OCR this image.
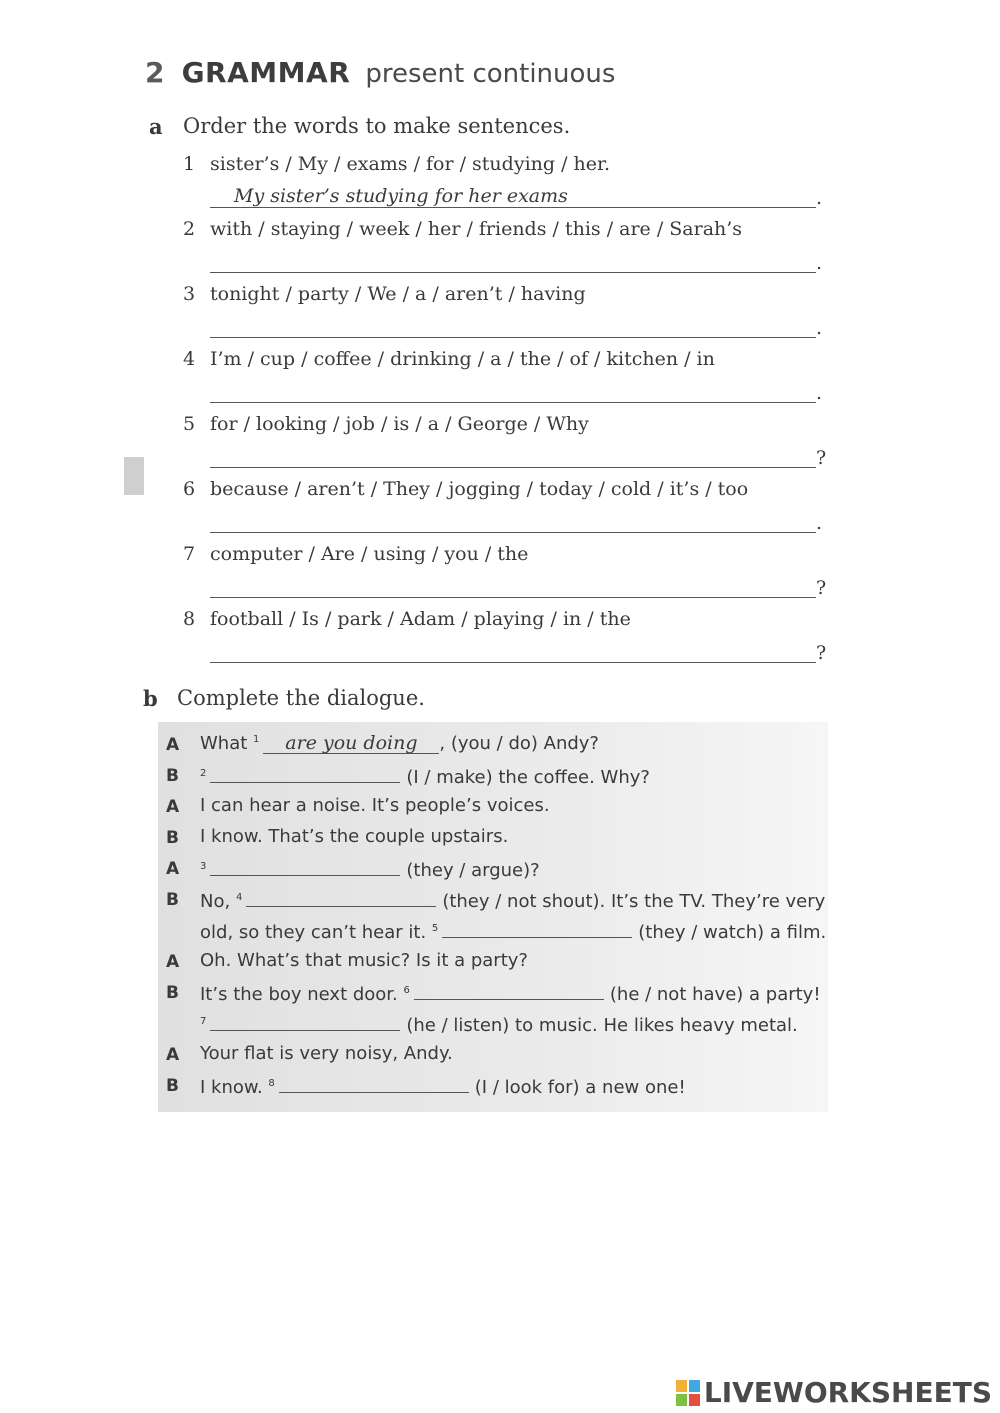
2 GRAMMAR present continuous
a Order the words to make sentences.
1 sister’s / My / exams / for / studying / her.
My sister’s studying for her exams	.
2 with / staying / week / her / friends / this / are / Sarah’s
.
3 tonight / party / We / a / aren’t / having
.
4 I’m / cup / coffee / drinking / a / the / of / kitchen / in
.
5 for / looking / job / is / a / George / Why
?
6 because / aren’t / They / jogging / today / cold / it’s / too
.
7 computer / Are / using / you / the
?
8 football / Is / park / Adam / playing / in / the
?
b Complete the dialogue.
A What $^1$ are you doing , (you / do) Andy?
B $^2$	(I / make) the coffee. Why?
A I can hear a noise. It’s people’s voices.
B I know. That’s the couple upstairs.
A $^3$	(they / argue)?
B No, $^4$	(they / not shout). It’s the TV. They’re very
old, so they can’t hear it. $^5$	(they / watch) a film.
A Oh. What’s that music? Is it a party?
B It’s the boy next door. $^6$	(he / not have) a party!
$^7$	(he / listen) to music. He likes heavy metal.
A Your flat is very noisy, Andy.
B I know. $^8$	(I / look for) a new one!
LIVEWORKSHEETS
